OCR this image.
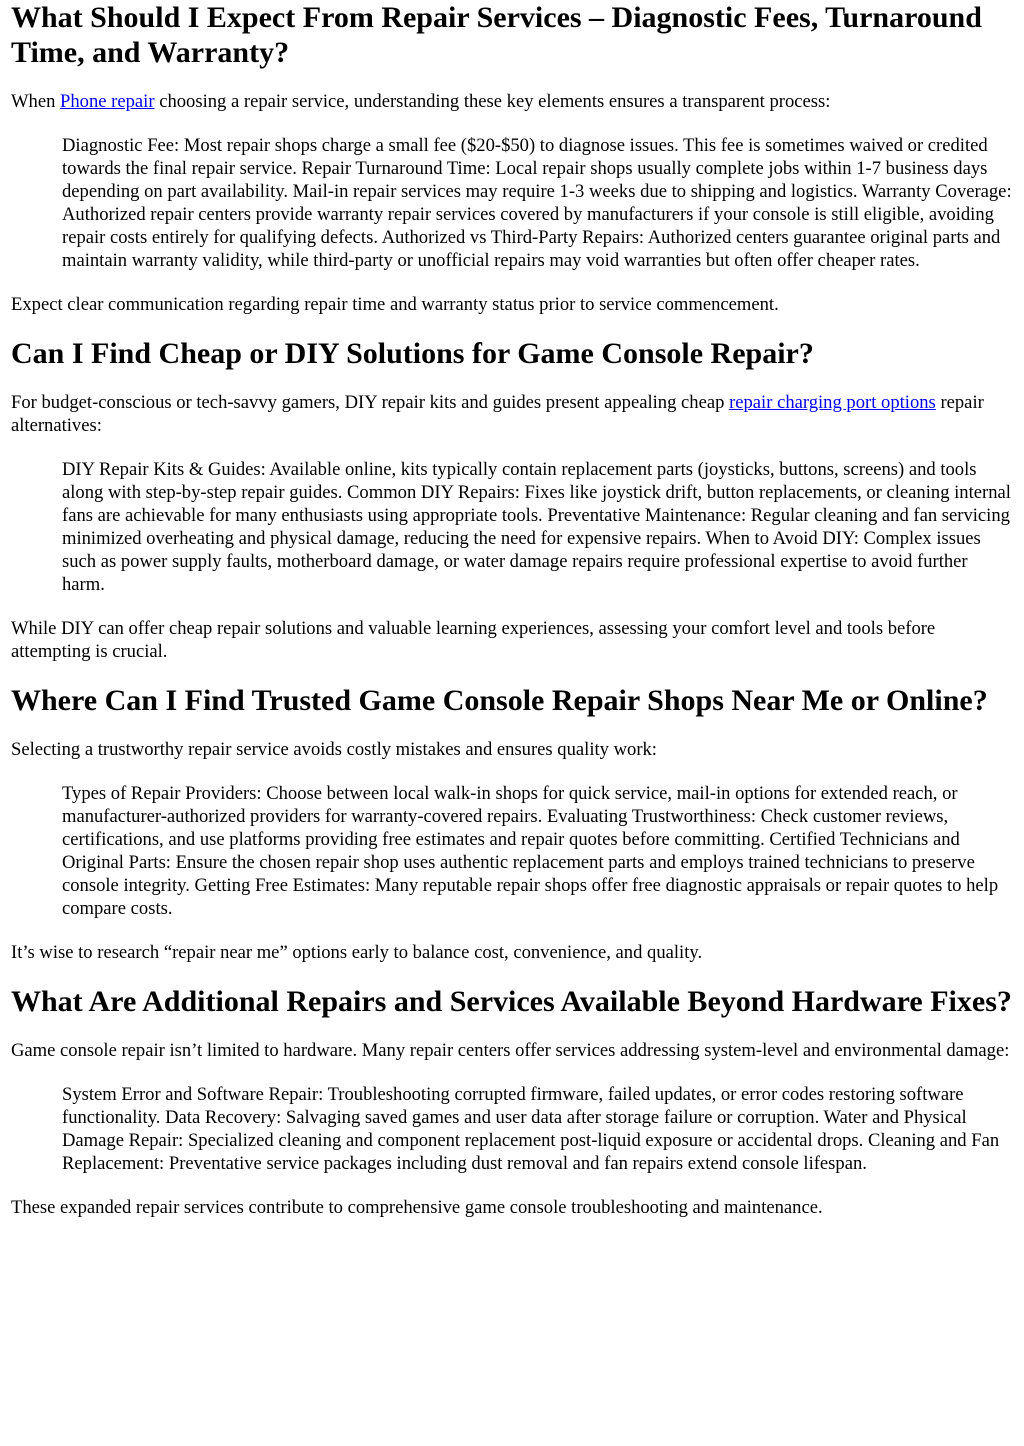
What Should I Expect From Repair Services – Diagnostic Fees, Turnaround Time, and Warranty?

When Phone repair choosing a repair service, understanding these key elements ensures a transparent process:

Diagnostic Fee: Most repair shops charge a small fee ($20-$50) to diagnose issues. This fee is sometimes waived or credited towards the final repair service. Repair Turnaround Time: Local repair shops usually complete jobs within 1-7 business days depending on part availability. Mail-in repair services may require 1-3 weeks due to shipping and logistics. Warranty Coverage: Authorized repair centers provide warranty repair services covered by manufacturers if your console is still eligible, avoiding repair costs entirely for qualifying defects. Authorized vs Third-Party Repairs: Authorized centers guarantee original parts and maintain warranty validity, while third-party or unofficial repairs may void warranties but often offer cheaper rates.

Expect clear communication regarding repair time and warranty status prior to service commencement.

Can I Find Cheap or DIY Solutions for Game Console Repair?

For budget-conscious or tech-savvy gamers, DIY repair kits and guides present appealing cheap repair charging port options repair alternatives:

DIY Repair Kits & Guides: Available online, kits typically contain replacement parts (joysticks, buttons, screens) and tools along with step-by-step repair guides. Common DIY Repairs: Fixes like joystick drift, button replacements, or cleaning internal fans are achievable for many enthusiasts using appropriate tools. Preventative Maintenance: Regular cleaning and fan servicing minimized overheating and physical damage, reducing the need for expensive repairs. When to Avoid DIY: Complex issues such as power supply faults, motherboard damage, or water damage repairs require professional expertise to avoid further harm.

While DIY can offer cheap repair solutions and valuable learning experiences, assessing your comfort level and tools before attempting is crucial.

Where Can I Find Trusted Game Console Repair Shops Near Me or Online?

Selecting a trustworthy repair service avoids costly mistakes and ensures quality work:

Types of Repair Providers: Choose between local walk-in shops for quick service, mail-in options for extended reach, or manufacturer-authorized providers for warranty-covered repairs. Evaluating Trustworthiness: Check customer reviews, certifications, and use platforms providing free estimates and repair quotes before committing. Certified Technicians and Original Parts: Ensure the chosen repair shop uses authentic replacement parts and employs trained technicians to preserve console integrity. Getting Free Estimates: Many reputable repair shops offer free diagnostic appraisals or repair quotes to help compare costs.

It’s wise to research “repair near me” options early to balance cost, convenience, and quality.

What Are Additional Repairs and Services Available Beyond Hardware Fixes?

Game console repair isn’t limited to hardware. Many repair centers offer services addressing system-level and environmental damage:

System Error and Software Repair: Troubleshooting corrupted firmware, failed updates, or error codes restoring software functionality. Data Recovery: Salvaging saved games and user data after storage failure or corruption. Water and Physical Damage Repair: Specialized cleaning and component replacement post-liquid exposure or accidental drops. Cleaning and Fan Replacement: Preventative service packages including dust removal and fan repairs extend console lifespan.

These expanded repair services contribute to comprehensive game console troubleshooting and maintenance.
